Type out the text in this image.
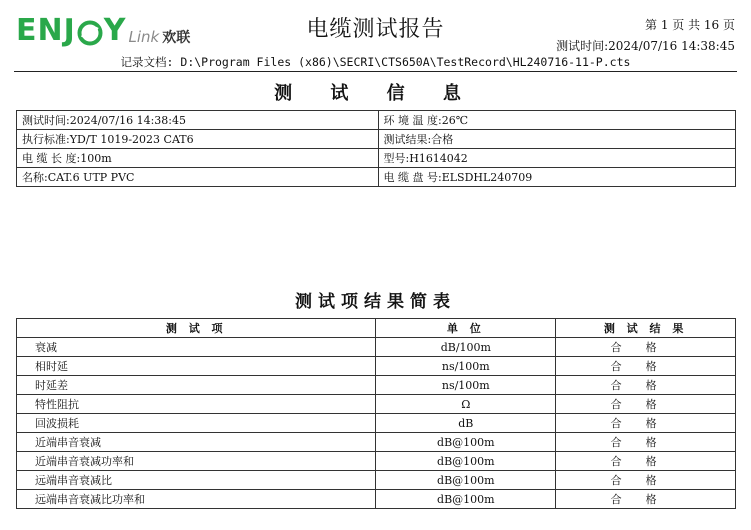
ENJ Y Link 欢联	电缆测试报告	第 1 页 共 16 页
测试时间:2024/07/16 14:38:45
记录文档: D:\Program Files (x86)\SECRI\CTS650A\TestRecord\HL240716-11-P.cts
测 试 信 息
测试时间:2024/07/16 14:38:45	环 境 温 度:26℃
执行标准:YD/T 1019-2023 CAT6	测试结果:合格
电 缆 长 度:100m	型号:H1614042
名称:CAT.6 UTP PVC	电 缆 盘 号:ELSDHL240709
测试项结果简表
测 试 项	单 位	测 试 结 果
衰减	dB/100m	合格
相时延	ns/100m	合格
时延差	ns/100m	合格
特性阻抗	Ω	合格
回波损耗	dB	合格
近端串音衰减	dB@100m	合格
近端串音衰减功率和	dB@100m	合格
远端串音衰减比	dB@100m	合格
远端串音衰减比功率和	dB@100m	合格
